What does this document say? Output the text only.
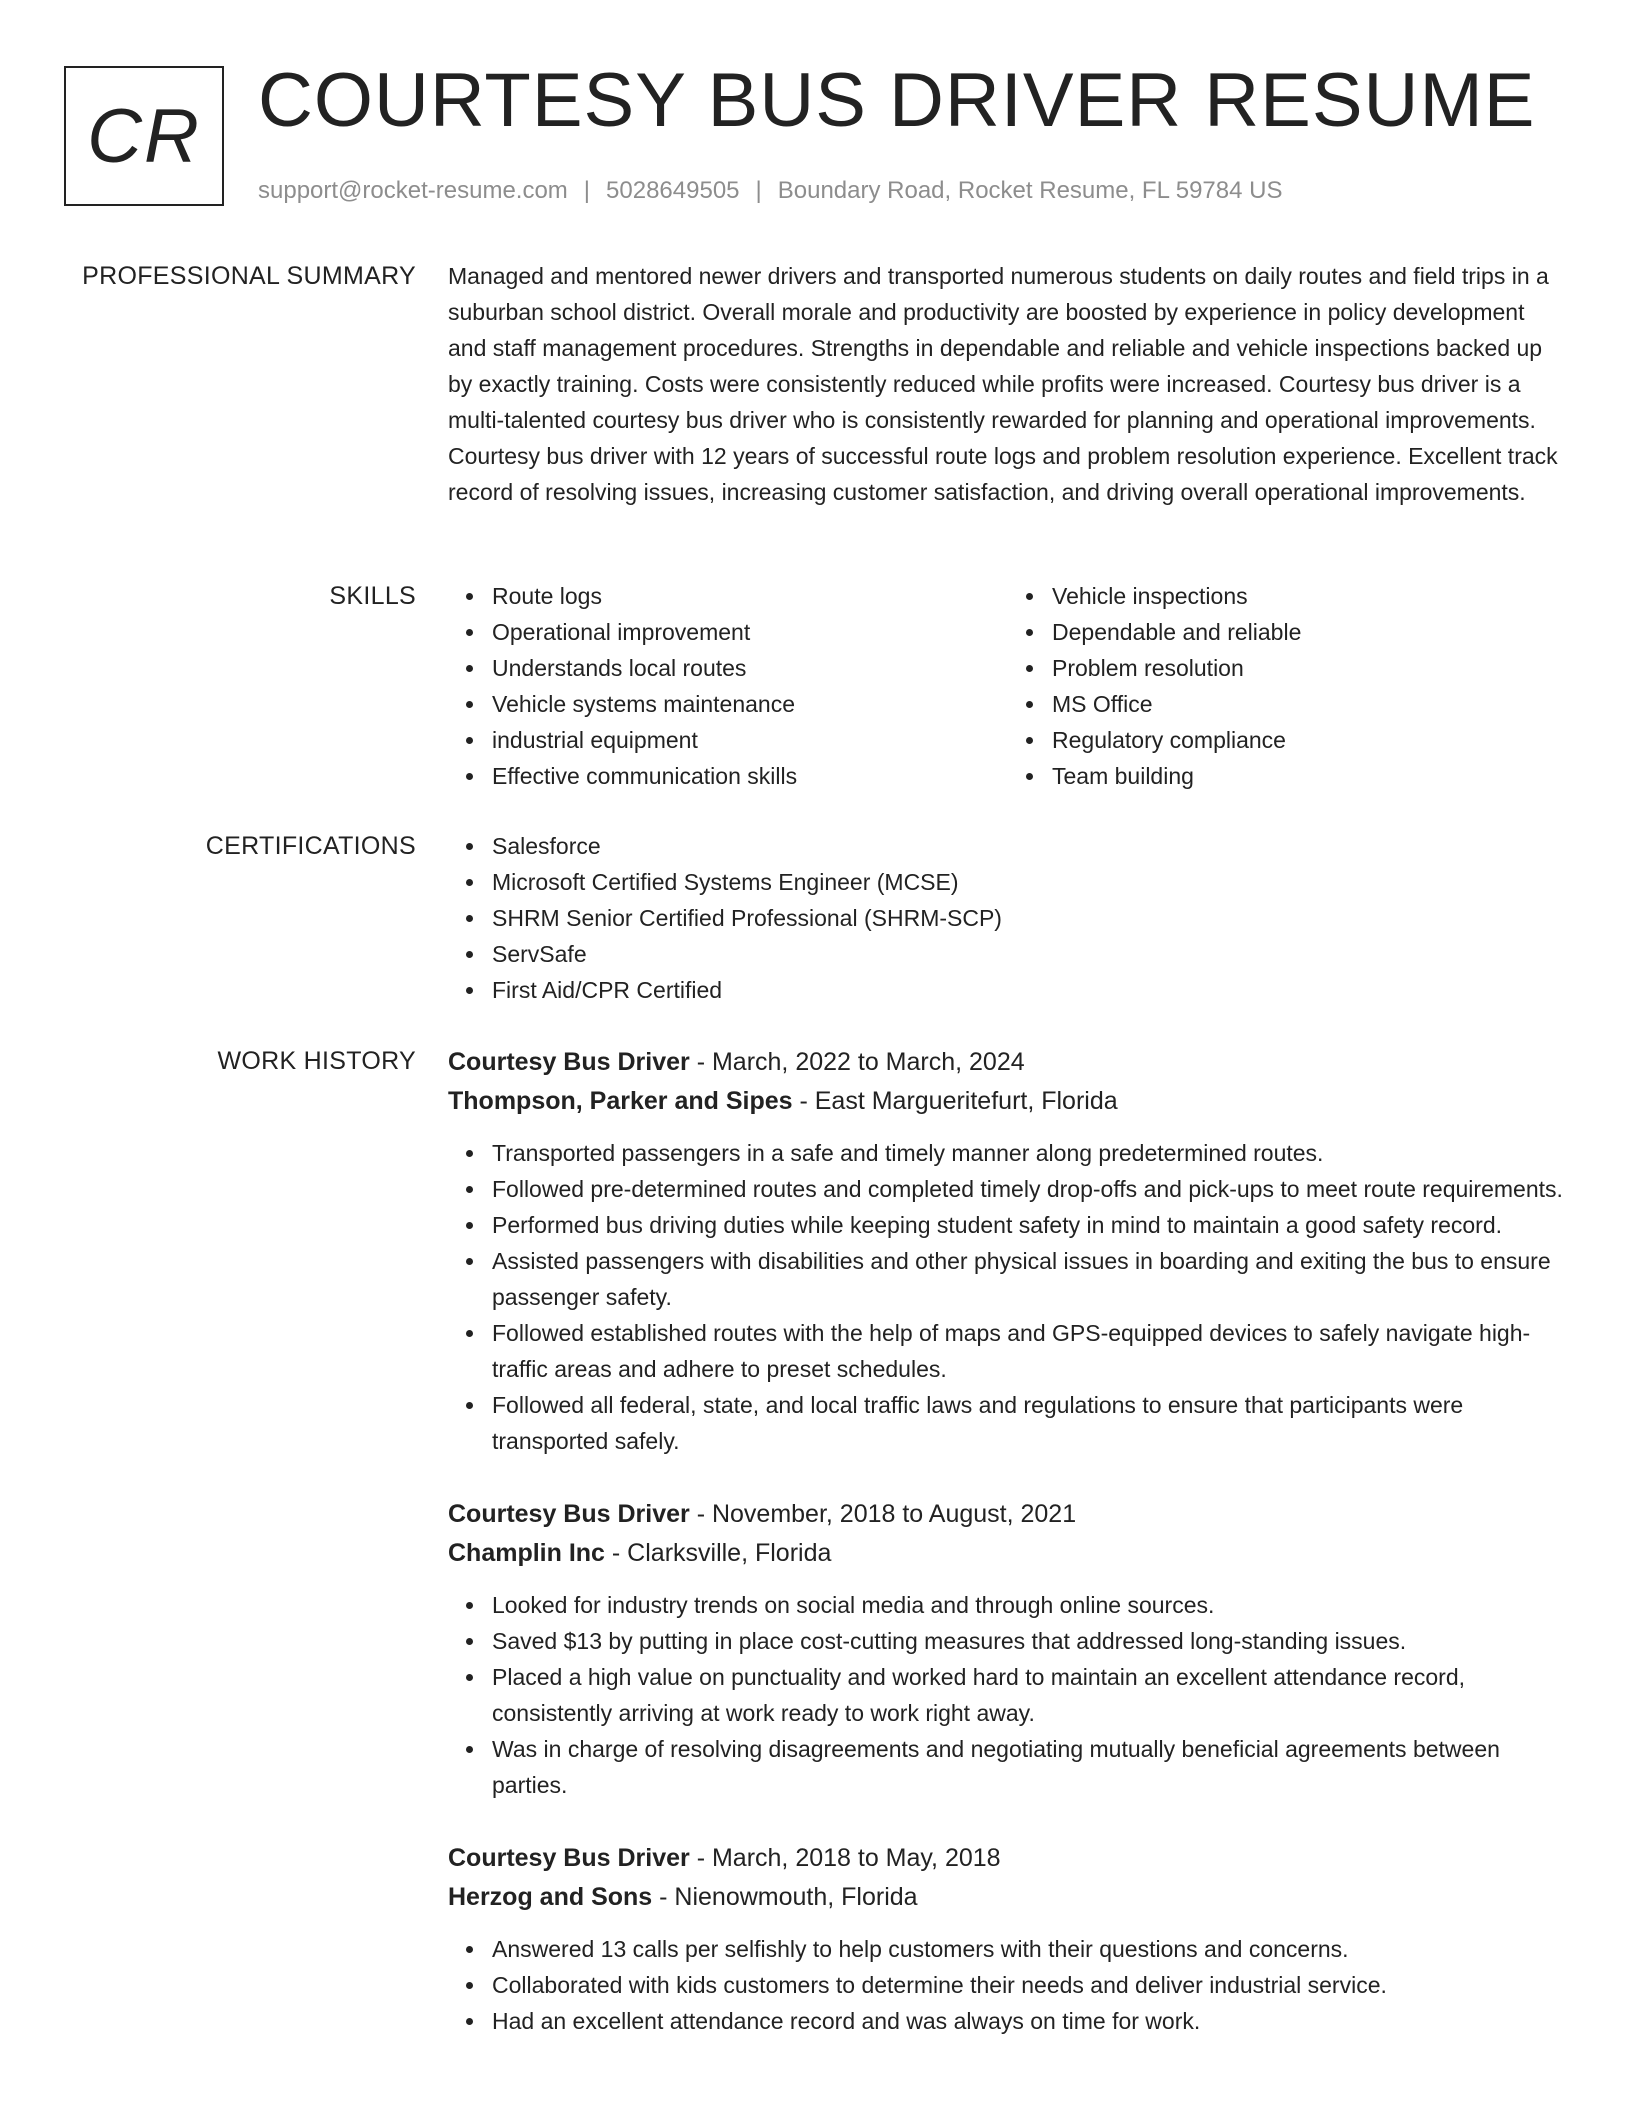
CR COURTESY BUS DRIVER RESUME
support@rocket-resume.com | 5028649505 | Boundary Road, Rocket Resume, FL 59784 US
PROFESSIONAL SUMMARY Managed and mentored newer drivers and transported numerous students on daily routes and field trips in a suburban school district. Overall morale and productivity are boosted by experience in policy development and staff management procedures. Strengths in dependable and reliable and vehicle inspections backed up by exactly training. Costs were consistently reduced while profits were increased. Courtesy bus driver is a multi-talented courtesy bus driver who is consistently rewarded for planning and operational improvements. Courtesy bus driver with 12 years of successful route logs and problem resolution experience. Excellent track record of resolving issues, increasing customer satisfaction, and driving overall operational improvements.

SKILLS	Route logs
Operational improvement
Understands local routes
Vehicle systems maintenance
industrial equipment
Effective communication skills
Vehicle inspections
Dependable and reliable
Problem resolution
MS Office
Regulatory compliance
Team building
CERTIFICATIONS	Salesforce
Microsoft Certified Systems Engineer (MCSE)
SHRM Senior Certified Professional (SHRM-SCP)
ServSafe
First Aid/CPR Certified
WORK HISTORY Courtesy Bus Driver - March, 2022 to March, 2024
Thompson, Parker and Sipes - East Margueritefurt, Florida
Transported passengers in a safe and timely manner along predetermined routes.
Followed pre-determined routes and completed timely drop-offs and pick-ups to meet route requirements.
Performed bus driving duties while keeping student safety in mind to maintain a good safety record.
Assisted passengers with disabilities and other physical issues in boarding and exiting the bus to ensure passenger safety.
Followed established routes with the help of maps and GPS-equipped devices to safely navigate high-traffic areas and adhere to preset schedules.
Followed all federal, state, and local traffic laws and regulations to ensure that participants were transported safely.
Courtesy Bus Driver - November, 2018 to August, 2021
Champlin Inc - Clarksville, Florida
Looked for industry trends on social media and through online sources.
Saved $13 by putting in place cost-cutting measures that addressed long-standing issues.
Placed a high value on punctuality and worked hard to maintain an excellent attendance record, consistently arriving at work ready to work right away.
Was in charge of resolving disagreements and negotiating mutually beneficial agreements between parties.
Courtesy Bus Driver - March, 2018 to May, 2018
Herzog and Sons - Nienowmouth, Florida
Answered 13 calls per selfishly to help customers with their questions and concerns.
Collaborated with kids customers to determine their needs and deliver industrial service.
Had an excellent attendance record and was always on time for work.
